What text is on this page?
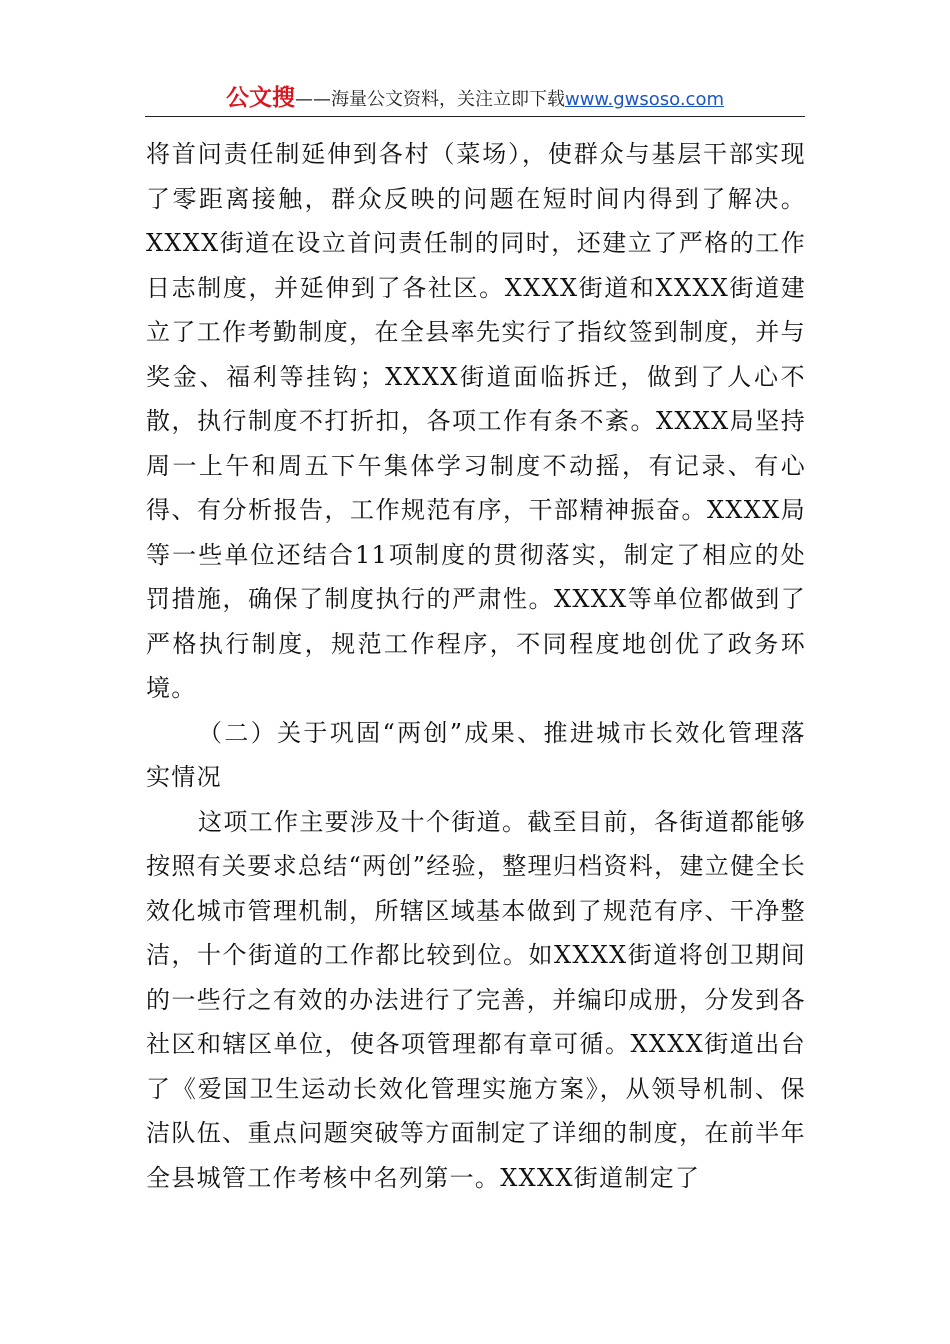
公文搜——海量公文资料，关注立即下载www.gwsoso.com

将首问责任制延伸到各村（菜场），使群众与基层干部实现了零距离接触，群众反映的问题在短时间内得到了解决。XXXX街道在设立首问责任制的同时，还建立了严格的工作日志制度，并延伸到了各社区。XXXX街道和XXXX街道建立了工作考勤制度，在全县率先实行了指纹签到制度，并与奖金、福利等挂钩；XXXX街道面临拆迁，做到了人心不散，执行制度不打折扣，各项工作有条不紊。XXXX局坚持周一上午和周五下午集体学习制度不动摇，有记录、有心得、有分析报告，工作规范有序，干部精神振奋。XXXX局等一些单位还结合11项制度的贯彻落实，制定了相应的处罚措施，确保了制度执行的严肃性。XXXX等单位都做到了严格执行制度，规范工作程序，不同程度地创优了政务环境。

（二）关于巩固“两创”成果、推进城市长效化管理落实情况

这项工作主要涉及十个街道。截至目前，各街道都能够按照有关要求总结“两创”经验，整理归档资料，建立健全长效化城市管理机制，所辖区域基本做到了规范有序、干净整洁，十个街道的工作都比较到位。如XXXX街道将创卫期间的一些行之有效的办法进行了完善，并编印成册，分发到各社区和辖区单位，使各项管理都有章可循。XXXX街道出台了《爱国卫生运动长效化管理实施方案》，从领导机制、保洁队伍、重点问题突破等方面制定了详细的制度，在前半年全县城管工作考核中名列第一。XXXX街道制定了
